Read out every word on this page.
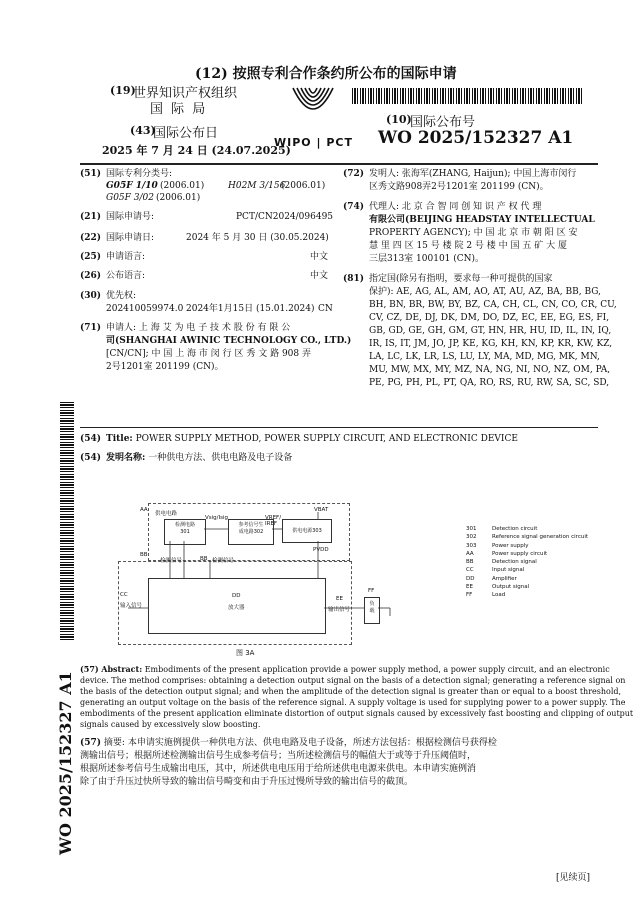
(12) 按照专利合作条约所公布的国际申请
(19)
世界知识产权组织
国 际 局
(43)
国际公布日
2025 年 7 月 24 日 (24.07.2025)
WIPO | PCT
(10)
国际公布号
WO 2025/152327 A1
(51) 国际专利分类号:
G05F 1/10 (2006.01)	H02M 3/156
(2006.01)
G05F 3/02 (2006.01)
(21) 国际申请号:	PCT/CN2024/096495
(22) 国际申请日:	2024 年 5 月 30 日 (30.05.2024)
(25) 申请语言:	中文
(26) 公布语言:	中文
(30) 优先权:
202410059974.0 2024年1月15日 (15.01.2024) CN
(71) 申请人: 上 海 艾 为 电 子 技 术 股 份 有 限 公
司(SHANGHAI AWINIC TECHNOLOGY CO., LTD.)
[CN/CN]; 中 国 上 海 市 闵 行 区 秀 文 路 908 弄
2号1201室 201199 (CN)。
(72) 发明人: 张海军(ZHANG, Haijun); 中国上海市闵行
区秀文路908弄2号1201室 201199 (CN)。
(74) 代理人: 北 京 合 智 同 创 知 识 产 权 代 理
有限公司(BEIJING HEADSTAY INTELLECTUAL
PROPERTY AGENCY); 中 国 北 京 市 朝 阳 区 安
慧 里 四 区 15 号 楼 院 2 号 楼 中 国 五 矿 大 厦
三层313室 100101 (CN)。
(81) 指定国(除另有指明，要求每一种可提供的国家
保护): AE, AG, AL, AM, AO, AT, AU, AZ, BA, BB, BG,
BH, BN, BR, BW, BY, BZ, CA, CH, CL, CN, CO, CR, CU,
CV, CZ, DE, DJ, DK, DM, DO, DZ, EC, EE, EG, ES, FI,
GB, GD, GE, GH, GM, GT, HN, HR, HU, ID, IL, IN, IQ,
IR, IS, IT, JM, JO, JP, KE, KG, KH, KN, KP, KR, KW, KZ,
LA, LC, LK, LR, LS, LU, LY, MA, MD, MG, MK, MN,
MU, MW, MX, MY, MZ, NA, NG, NI, NO, NZ, OM, PA,
PE, PG, PH, PL, PT, QA, RO, RS, RU, RW, SA, SC, SD,
WO 2025/152327 A1
(54) Title: POWER SUPPLY METHOD, POWER SUPPLY CIRCUIT, AND ELECTRONIC DEVICE
(54) 发明名称: 一种供电方法、供电电路及电子设备
AA
供电电路
检测电路
301
参考信号生
成电路302	供电电源303
Vsig/Isig	VREF/
IREF
VBAT
PVDD
BB
检测信号	BB 检测信号
DD
放大器
CC
输入信号
EE
输出信号
FF
负
载
图 3A
301	Detection circuit
302	Reference signal generation circuit
303	Power supply
AA	Power supply circuit
BB	Detection signal
CC	Input signal
DD	Amplifier
EE	Output signal
FF	Load
(57) Abstract: Embodiments of the present application provide a power supply method, a power supply circuit, and an electronic
device. The method comprises: obtaining a detection output signal on the basis of a detection signal; generating a reference signal on
the basis of the detection output signal; and when the amplitude of the detection signal is greater than or equal to a boost threshold,
generating an output voltage on the basis of the reference signal. A supply voltage is used for supplying power to a power supply. The
embodiments of the present application eliminate distortion of output signals caused by excessively fast boosting and clipping of output
signals caused by excessively slow boosting.
(57) 摘要: 本申请实施例提供一种供电方法、供电电路及电子设备，所述方法包括：根据检测信号获得检
测输出信号；根据所述检测输出信号生成参考信号；当所述检测信号的幅值大于或等于升压阈值时，
根据所述参考信号生成输出电压，其中，所述供电电压用于给所述供电电源来供电。本申请实施例消
除了由于升压过快所导致的输出信号畸变和由于升压过慢所导致的输出信号的截顶。
[见续页]
